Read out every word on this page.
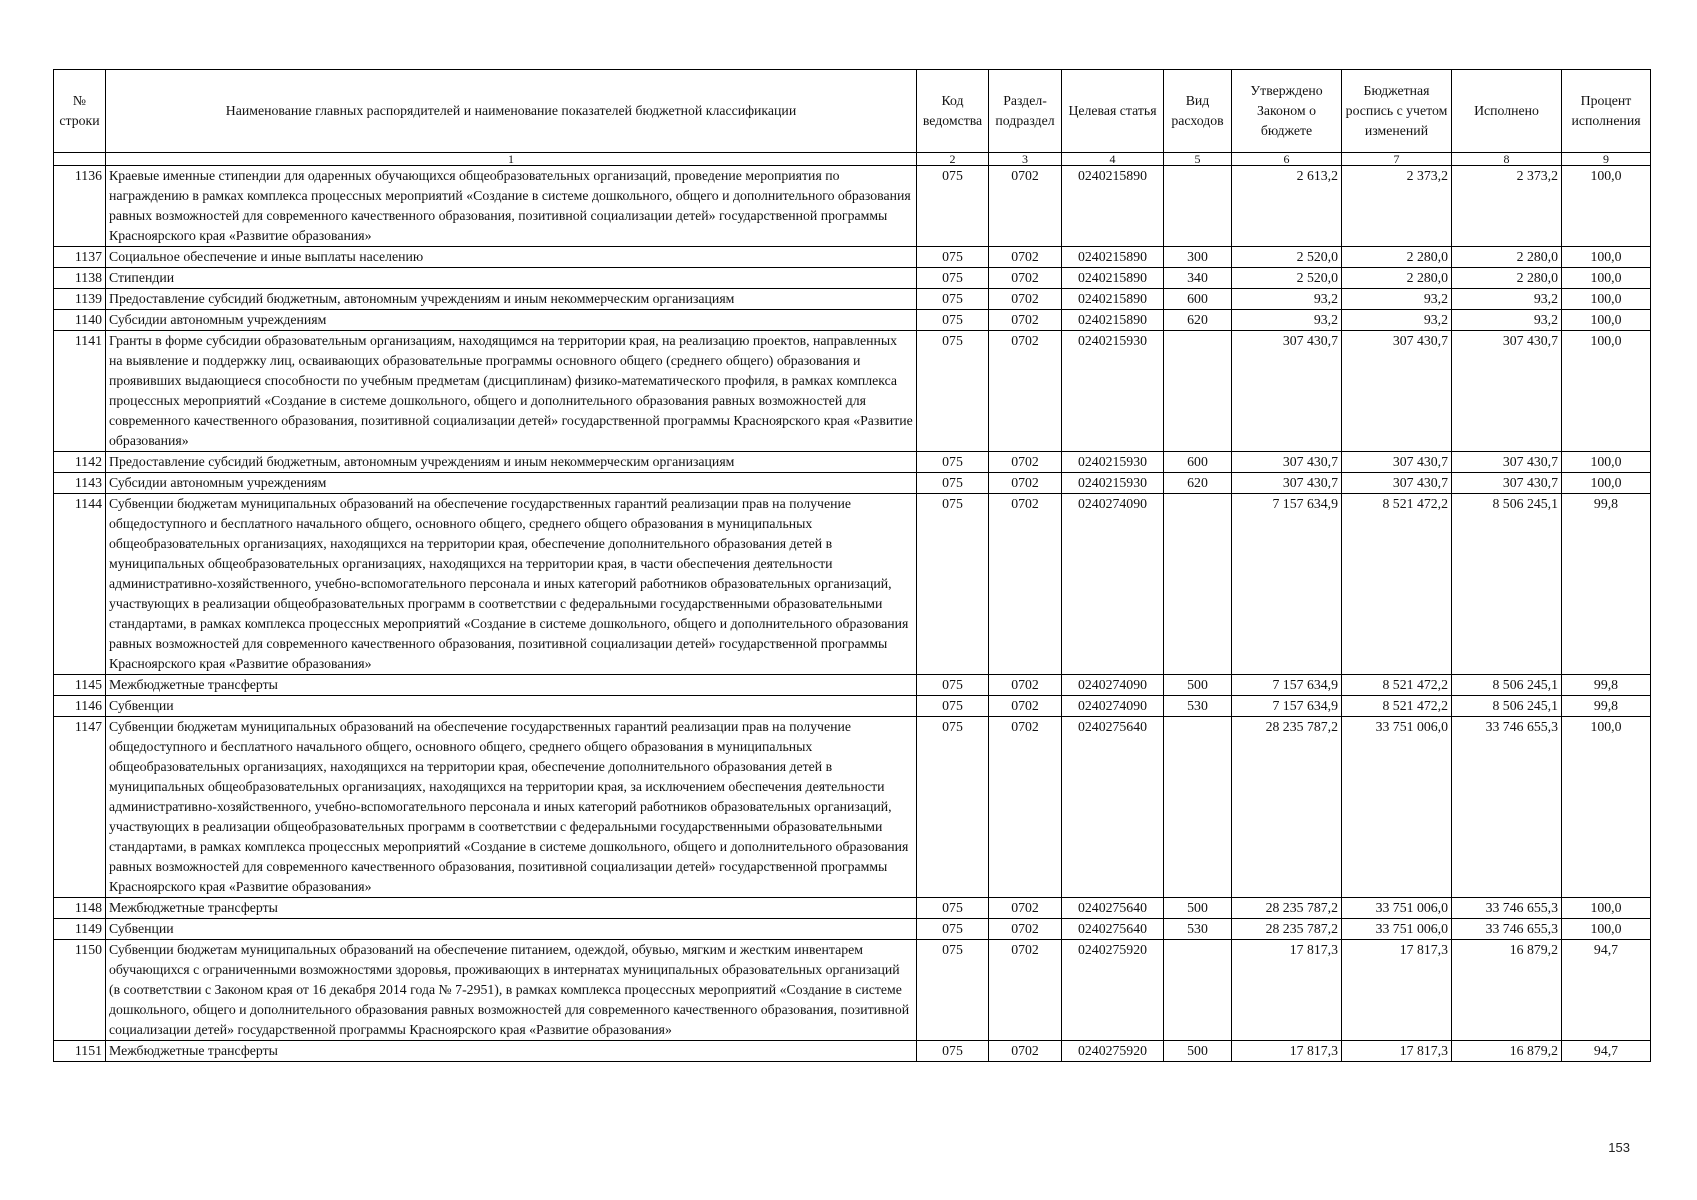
№ строки	Наименование главных распорядителей и наименование показателей бюджетной классификации	Код ведомства	Раздел-подраздел	Целевая статья	Вид расходов	Утверждено Законом о бюджете	Бюджетная роспись с учетом изменений	Исполнено	Процент исполнения
	1	2	3	4	5	6	7	8	9
1136	Краевые именные стипендии для одаренных обучающихся общеобразовательных организаций, проведение мероприятия по награждению в рамках комплекса процессных мероприятий «Создание в системе дошкольного, общего и дополнительного образования равных возможностей для современного качественного образования, позитивной социализации детей» государственной программы Красноярского края «Развитие образования»	075	0702	0240215890		2 613,2	2 373,2	2 373,2	100,0
1137	Социальное обеспечение и иные выплаты населению	075	0702	0240215890	300	2 520,0	2 280,0	2 280,0	100,0
1138	Стипендии	075	0702	0240215890	340	2 520,0	2 280,0	2 280,0	100,0
1139	Предоставление субсидий бюджетным, автономным учреждениям и иным некоммерческим организациям	075	0702	0240215890	600	93,2	93,2	93,2	100,0
1140	Субсидии автономным учреждениям	075	0702	0240215890	620	93,2	93,2	93,2	100,0
1141	Гранты в форме субсидии образовательным организациям, находящимся на территории края, на реализацию проектов, направленных на выявление и поддержку лиц, осваивающих образовательные программы основного общего (среднего общего) образования и проявивших выдающиеся способности по учебным предметам (дисциплинам) физико-математического профиля, в рамках комплекса процессных мероприятий «Создание в системе дошкольного, общего и дополнительного образования равных возможностей для современного качественного образования, позитивной социализации детей» государственной программы Красноярского края «Развитие образования»	075	0702	0240215930		307 430,7	307 430,7	307 430,7	100,0
1142	Предоставление субсидий бюджетным, автономным учреждениям и иным некоммерческим организациям	075	0702	0240215930	600	307 430,7	307 430,7	307 430,7	100,0
1143	Субсидии автономным учреждениям	075	0702	0240215930	620	307 430,7	307 430,7	307 430,7	100,0
1144	Субвенции бюджетам муниципальных образований на обеспечение государственных гарантий реализации прав на получение общедоступного и бесплатного начального общего, основного общего, среднего общего образования в муниципальных общеобразовательных организациях, находящихся на территории края, обеспечение дополнительного образования детей в муниципальных общеобразовательных организациях, находящихся на территории края, в части обеспечения деятельности административно-хозяйственного, учебно-вспомогательного персонала и иных категорий работников образовательных организаций, участвующих в реализации общеобразовательных программ в соответствии с федеральными государственными образовательными стандартами, в рамках комплекса процессных мероприятий «Создание в системе дошкольного, общего и дополнительного образования равных возможностей для современного качественного образования, позитивной социализации детей» государственной программы Красноярского края «Развитие образования»	075	0702	0240274090		7 157 634,9	8 521 472,2	8 506 245,1	99,8
1145	Межбюджетные трансферты	075	0702	0240274090	500	7 157 634,9	8 521 472,2	8 506 245,1	99,8
1146	Субвенции	075	0702	0240274090	530	7 157 634,9	8 521 472,2	8 506 245,1	99,8
1147	Субвенции бюджетам муниципальных образований на обеспечение государственных гарантий реализации прав на получение общедоступного и бесплатного начального общего, основного общего, среднего общего образования в муниципальных общеобразовательных организациях, находящихся на территории края, обеспечение дополнительного образования детей в муниципальных общеобразовательных организациях, находящихся на территории края, за исключением обеспечения деятельности административно-хозяйственного, учебно-вспомогательного персонала и иных категорий работников образовательных организаций, участвующих в реализации общеобразовательных программ в соответствии с федеральными государственными образовательными стандартами, в рамках комплекса процессных мероприятий «Создание в системе дошкольного, общего и дополнительного образования равных возможностей для современного качественного образования, позитивной социализации детей» государственной программы Красноярского края «Развитие образования»	075	0702	0240275640		28 235 787,2	33 751 006,0	33 746 655,3	100,0
1148	Межбюджетные трансферты	075	0702	0240275640	500	28 235 787,2	33 751 006,0	33 746 655,3	100,0
1149	Субвенции	075	0702	0240275640	530	28 235 787,2	33 751 006,0	33 746 655,3	100,0
1150	Субвенции бюджетам муниципальных образований на обеспечение питанием, одеждой, обувью, мягким и жестким инвентарем обучающихся с ограниченными возможностями здоровья, проживающих в интернатах муниципальных образовательных организаций (в соответствии с Законом края от 16 декабря 2014 года № 7-2951), в рамках комплекса процессных мероприятий «Создание в системе дошкольного, общего и дополнительного образования равных возможностей для современного качественного образования, позитивной социализации детей» государственной программы Красноярского края «Развитие образования»	075	0702	0240275920		17 817,3	17 817,3	16 879,2	94,7
1151	Межбюджетные трансферты	075	0702	0240275920	500	17 817,3	17 817,3	16 879,2	94,7
153
